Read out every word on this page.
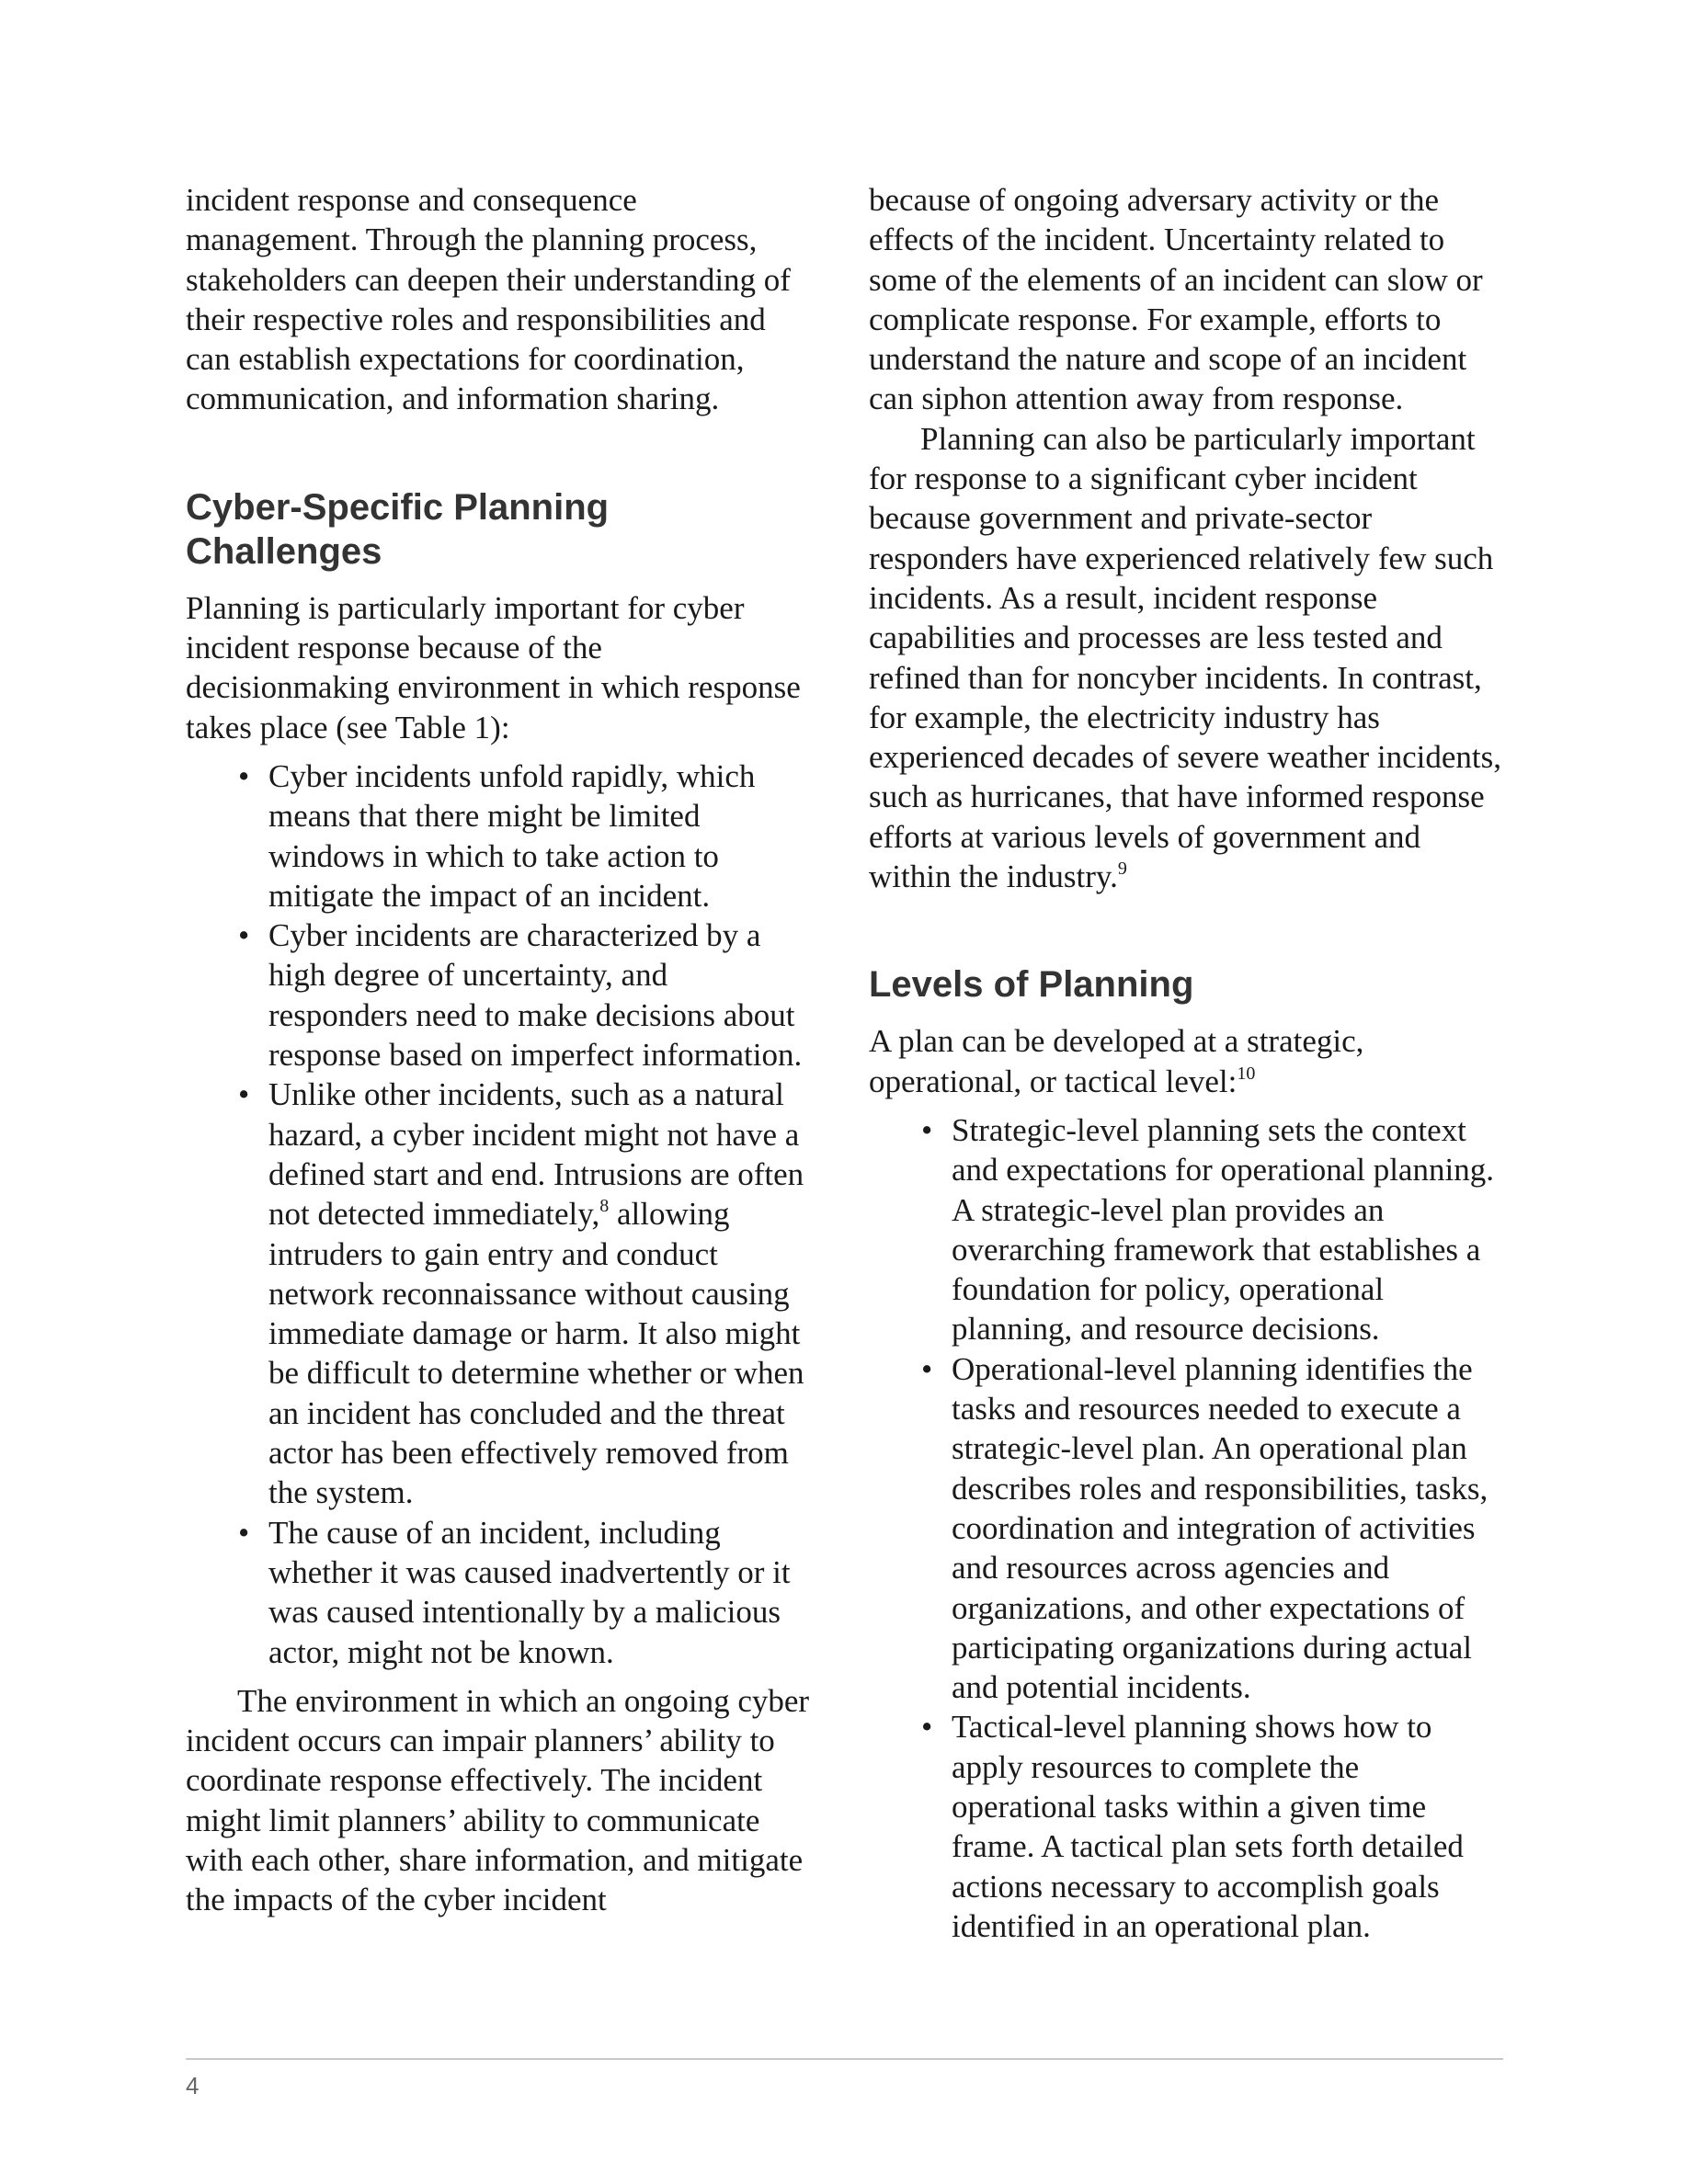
incident response and consequence management. Through the planning process, stakeholders can deepen their understanding of their respective roles and responsibilities and can establish expectations for coordination, communication, and information sharing.

Cyber-Specific Planning Challenges

Planning is particularly important for cyber incident response because of the decisionmaking environment in which response takes place (see Table 1):

• Cyber incidents unfold rapidly, which means that there might be limited windows in which to take action to mitigate the impact of an incident.
• Cyber incidents are characterized by a high degree of uncertainty, and responders need to make decisions about response based on imperfect information.
• Unlike other incidents, such as a natural hazard, a cyber incident might not have a defined start and end. Intrusions are often not detected immediately,$^8$ allowing intruders to gain entry and conduct network reconnaissance without causing immediate damage or harm. It also might be difficult to determine whether or when an incident has concluded and the threat actor has been effectively removed from the system.
• The cause of an incident, including whether it was caused inadvertently or it was caused intentionally by a malicious actor, might not be known.

The environment in which an ongoing cyber incident occurs can impair planners’ ability to coordinate response effectively. The incident might limit planners’ ability to communicate with each other, share information, and mitigate the impacts of the cyber incident

because of ongoing adversary activity or the effects of the incident. Uncertainty related to some of the elements of an incident can slow or complicate response. For example, efforts to understand the nature and scope of an incident can siphon attention away from response.

Planning can also be particularly important for response to a significant cyber incident because government and private-sector responders have experienced relatively few such incidents. As a result, incident response capabilities and processes are less tested and refined than for noncyber incidents. In contrast, for example, the electricity industry has experienced decades of severe weather incidents, such as hurricanes, that have informed response efforts at various levels of government and within the industry.$^9$

Levels of Planning

A plan can be developed at a strategic, operational, or tactical level:$^{10}$

• Strategic-level planning sets the context and expectations for operational planning. A strategic-level plan provides an overarching framework that establishes a foundation for policy, operational planning, and resource decisions.
• Operational-level planning identifies the tasks and resources needed to execute a strategic-level plan. An operational plan describes roles and responsibilities, tasks, coordination and integration of activities and resources across agencies and organizations, and other expectations of participating organizations during actual and potential incidents.
• Tactical-level planning shows how to apply resources to complete the operational tasks within a given time frame. A tactical plan sets forth detailed actions necessary to accomplish goals identified in an operational plan.
4
